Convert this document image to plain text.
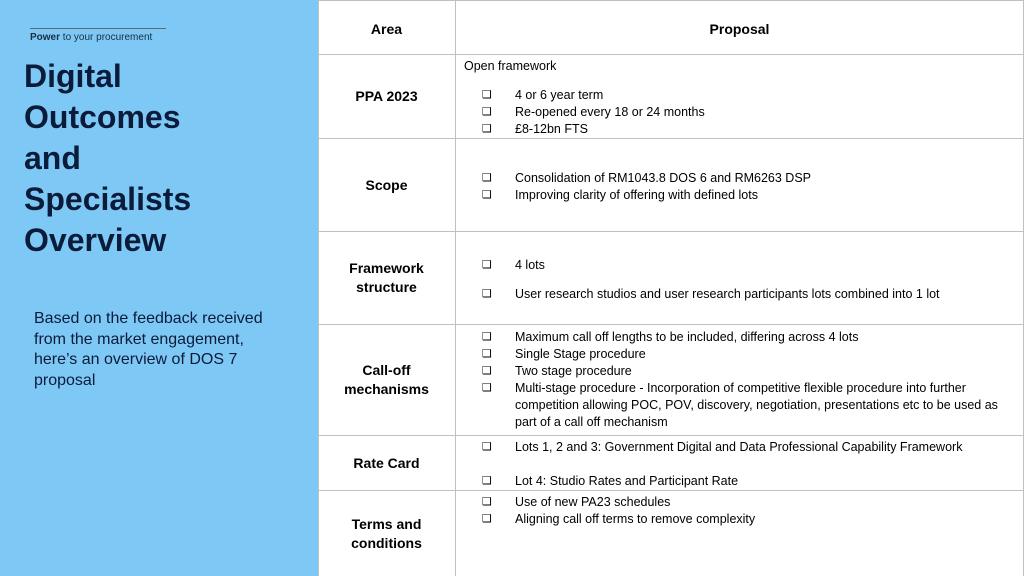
Power to your procurement
Digital
Outcomes
and
Specialists
Overview
Based on the feedback received from the market engagement, here’s an overview of DOS 7 proposal
Area	Proposal
PPA 2023
Open framework
❑ 4 or 6 year term
❑ Re-opened every 18 or 24 months
❑ £8-12bn FTS
Scope	❑ Consolidation of RM1043.8 DOS 6 and RM6263 DSP
❑ Improving clarity of offering with defined lots
Framework
structure
❑ 4 lots
❑ User research studios and user research participants lots combined into 1 lot
Call-off
mechanisms
❑ Maximum call off lengths to be included, differing across 4 lots
❑ Single Stage procedure
❑ Two stage procedure
❑ Multi-stage procedure - Incorporation of competitive flexible procedure into further competition allowing POC, POV, discovery, negotiation, presentations etc to be used as part of a call off mechanism
Rate Card
❑ Lots 1, 2 and 3: Government Digital and Data Professional Capability Framework
❑ Lot 4: Studio Rates and Participant Rate
Terms and
conditions
❑ Use of new PA23 schedules
❑ Aligning call off terms to remove complexity
